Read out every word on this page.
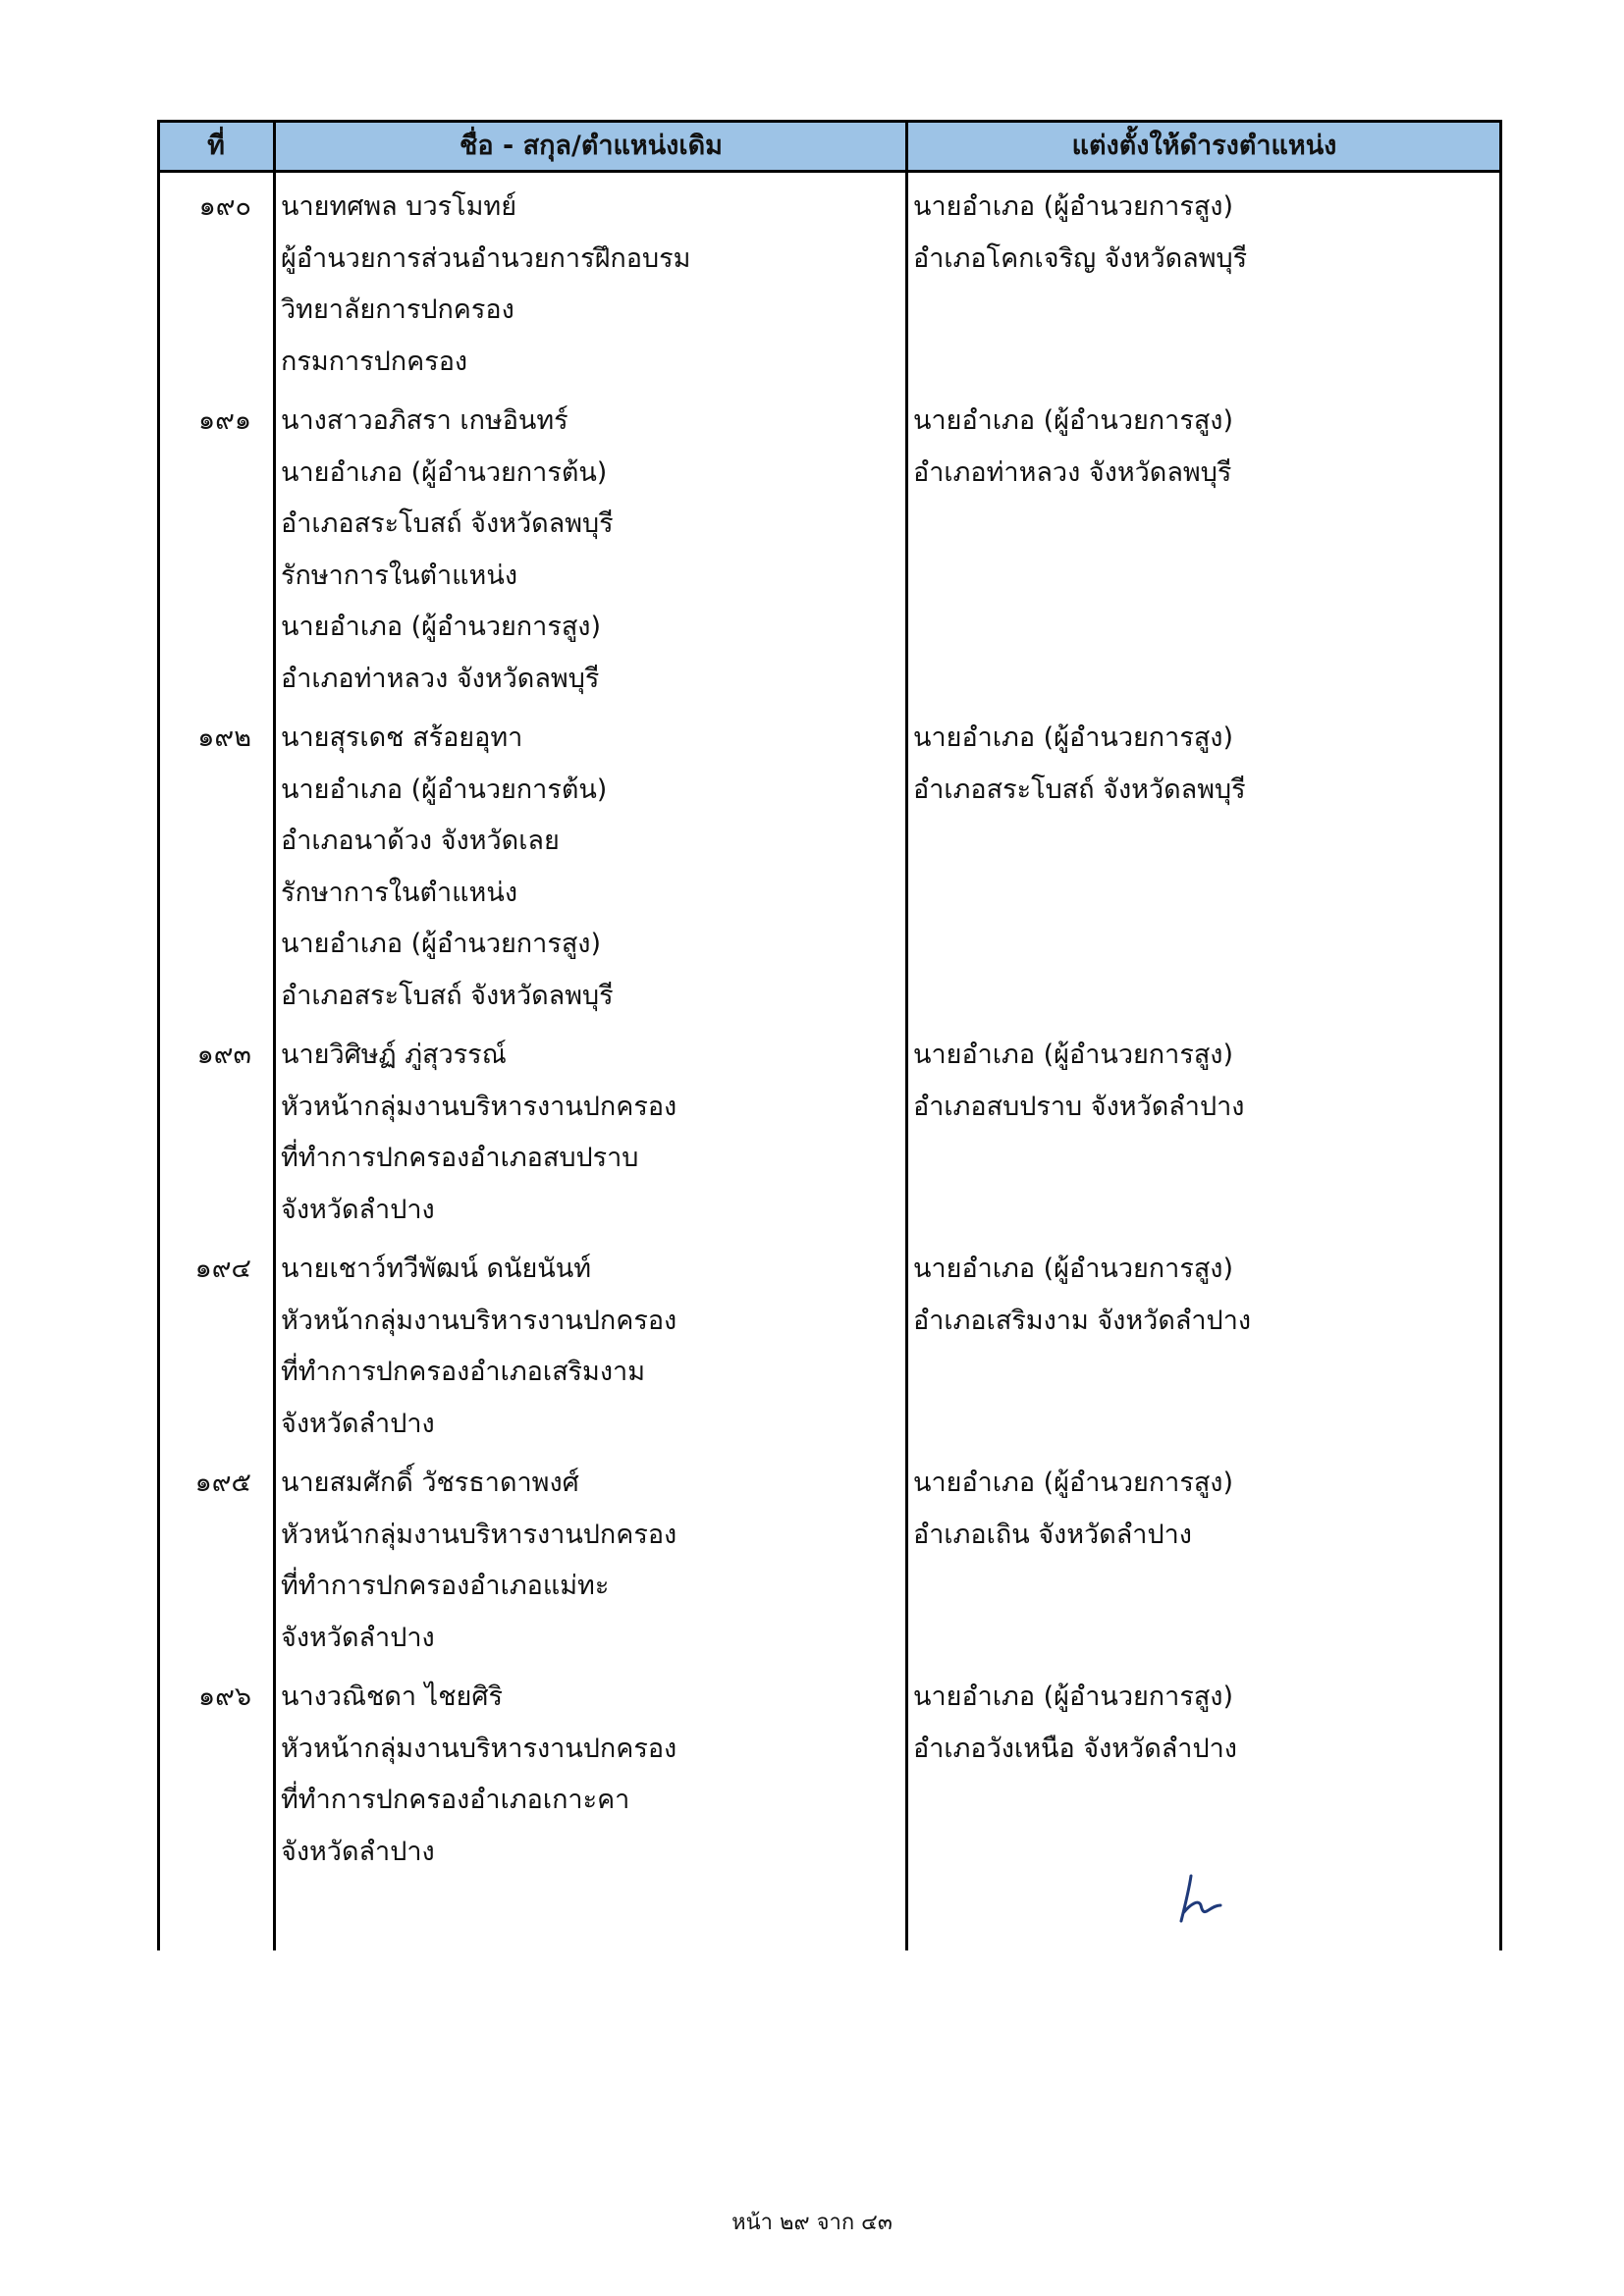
ที่	ชื่อ - สกุล/ตำแหน่งเดิม	แต่งตั้งให้ดำรงตำแหน่ง
๑๙๐ นายทศพล บวรโมทย์
ผู้อำนวยการส่วนอำนวยการฝึกอบรม
วิทยาลัยการปกครอง
กรมการปกครอง
นายอำเภอ (ผู้อำนวยการสูง)
อำเภอโคกเจริญ จังหวัดลพบุรี
๑๙๑ นางสาวอภิสรา เกษอินทร์
นายอำเภอ (ผู้อำนวยการต้น)
อำเภอสระโบสถ์ จังหวัดลพบุรี
รักษาการในตำแหน่ง
นายอำเภอ (ผู้อำนวยการสูง)
อำเภอท่าหลวง จังหวัดลพบุรี
นายอำเภอ (ผู้อำนวยการสูง)
อำเภอท่าหลวง จังหวัดลพบุรี
๑๙๒ นายสุรเดช สร้อยอุทา
นายอำเภอ (ผู้อำนวยการต้น)
อำเภอนาด้วง จังหวัดเลย
รักษาการในตำแหน่ง
นายอำเภอ (ผู้อำนวยการสูง)
อำเภอสระโบสถ์ จังหวัดลพบุรี
นายอำเภอ (ผู้อำนวยการสูง)
อำเภอสระโบสถ์ จังหวัดลพบุรี
๑๙๓ นายวิศิษฏ์ ภู่สุวรรณ์
หัวหน้ากลุ่มงานบริหารงานปกครอง
ที่ทำการปกครองอำเภอสบปราบ
จังหวัดลำปาง
นายอำเภอ (ผู้อำนวยการสูง)
อำเภอสบปราบ จังหวัดลำปาง
๑๙๔ นายเชาว์ทวีพัฒน์ ดนัยนันท์
หัวหน้ากลุ่มงานบริหารงานปกครอง
ที่ทำการปกครองอำเภอเสริมงาม
จังหวัดลำปาง
นายอำเภอ (ผู้อำนวยการสูง)
อำเภอเสริมงาม จังหวัดลำปาง
๑๙๕ นายสมศักดิ์ วัชรธาดาพงศ์
หัวหน้ากลุ่มงานบริหารงานปกครอง
ที่ทำการปกครองอำเภอแม่ทะ
จังหวัดลำปาง
นายอำเภอ (ผู้อำนวยการสูง)
อำเภอเถิน จังหวัดลำปาง
๑๙๖ นางวณิชดา ไชยศิริ
หัวหน้ากลุ่มงานบริหารงานปกครอง
ที่ทำการปกครองอำเภอเกาะคา
จังหวัดลำปาง
นายอำเภอ (ผู้อำนวยการสูง)
อำเภอวังเหนือ จังหวัดลำปาง
หน้า ๒๙ จาก ๔๓
